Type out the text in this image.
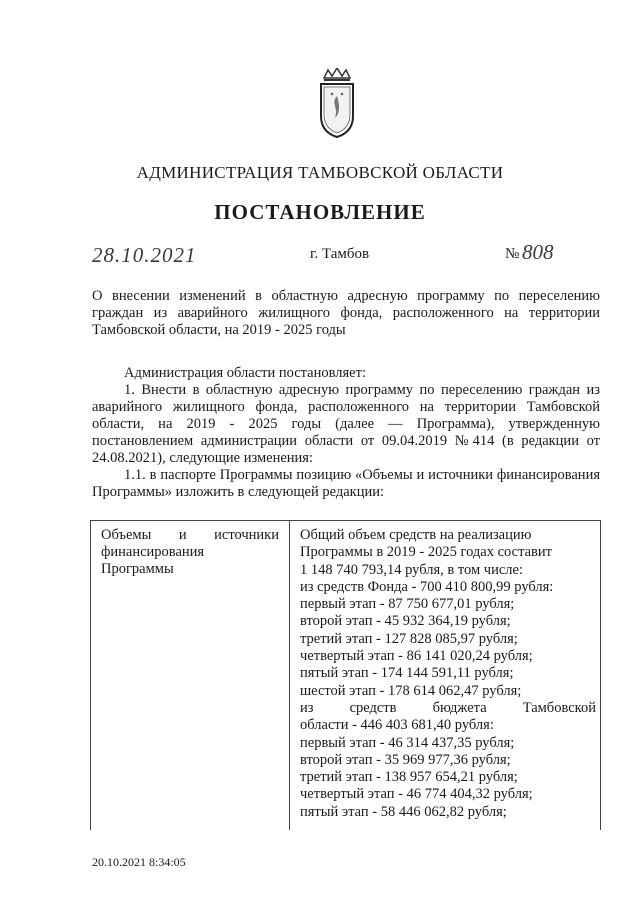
АДМИНИСТРАЦИЯ ТАМБОВСКОЙ ОБЛАСТИ
ПОСТАНОВЛЕНИЕ
28.10.2021	г. Тамбов	№ 808
О внесении изменений в областную адресную программу по переселению граждан из аварийного жилищного фонда, расположенного на территории Тамбовской области, на 2019 - 2025 годы

Администрация области постановляет:

1. Внести в областную адресную программу по переселению граждан из аварийного жилищного фонда, расположенного на территории Тамбовской области, на 2019 - 2025 годы (далее — Программа), утвержденную постановлением администрации области от 09.04.2019 №414 (в редакции от 24.08.2021), следующие изменения:

1.1. в паспорте Программы позицию «Объемы и источники финансирования Программы» изложить в следующей редакции:

Объемы и источники
финансирования
Программы
Общий объем средств на реализацию
Программы в 2019 - 2025 годах составит
1 148 740 793,14 рубля, в том числе:
из средств Фонда - 700 410 800,99 рубля:
первый этап - 87 750 677,01 рубля;
второй этап - 45 932 364,19 рубля;
третий этап - 127 828 085,97 рубля;
четвертый этап - 86 141 020,24 рубля;
пятый этап - 174 144 591,11 рубля;
шестой этап - 178 614 062,47 рубля;
из средств бюджета Тамбовской
области - 446 403 681,40 рубля:
первый этап - 46 314 437,35 рубля;
второй этап - 35 969 977,36 рубля;
третий этап - 138 957 654,21 рубля;
четвертый этап - 46 774 404,32 рубля;
пятый этап - 58 446 062,82 рубля;
20.10.2021 8:34:05
